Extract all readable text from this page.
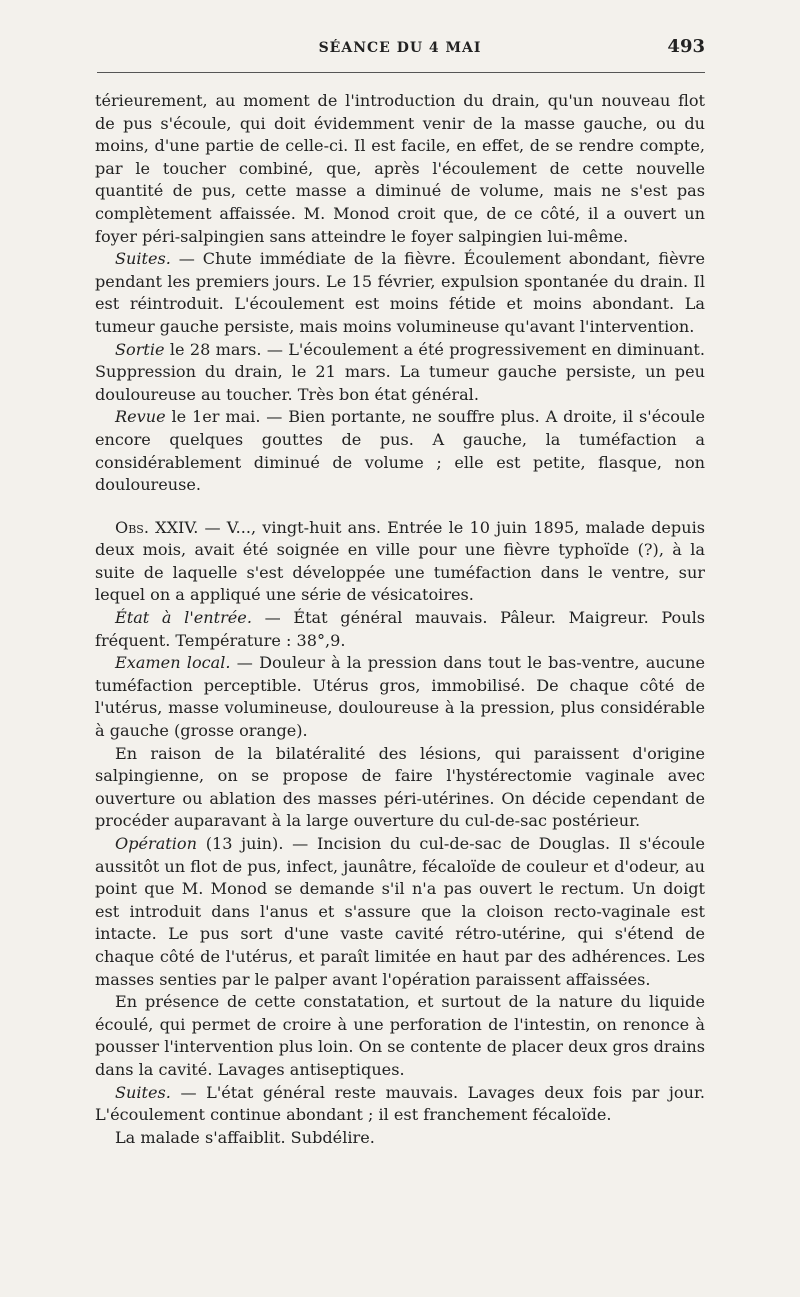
SÉANCE DU 4 MAI	493

térieurement, au moment de l'introduction du drain, qu'un nouveau flot de pus s'écoule, qui doit évidemment venir de la masse gauche, ou du moins, d'une partie de celle-ci. Il est facile, en effet, de se rendre compte, par le toucher combiné, que, après l'écoulement de cette nouvelle quantité de pus, cette masse a diminué de volume, mais ne s'est pas complètement affaissée. M. Monod croit que, de ce côté, il a ouvert un foyer péri-salpingien sans atteindre le foyer salpingien lui-même.

Suites. — Chute immédiate de la fièvre. Écoulement abondant, fièvre pendant les premiers jours. Le 15 février, expulsion spontanée du drain. Il est réintroduit. L'écoulement est moins fétide et moins abondant. La tumeur gauche persiste, mais moins volumineuse qu'avant l'intervention.

Sortie le 28 mars. — L'écoulement a été progressivement en diminuant. Suppression du drain, le 21 mars. La tumeur gauche persiste, un peu douloureuse au toucher. Très bon état général.

Revue le 1er mai. — Bien portante, ne souffre plus. A droite, il s'écoule encore quelques gouttes de pus. A gauche, la tuméfaction a considérablement diminué de volume ; elle est petite, flasque, non douloureuse.

Obs. XXIV. — V..., vingt-huit ans. Entrée le 10 juin 1895, malade depuis deux mois, avait été soignée en ville pour une fièvre typhoïde (?), à la suite de laquelle s'est développée une tuméfaction dans le ventre, sur lequel on a appliqué une série de vésicatoires.

État à l'entrée. — État général mauvais. Pâleur. Maigreur. Pouls fréquent. Température : 38°,9.

Examen local. — Douleur à la pression dans tout le bas-ventre, aucune tuméfaction perceptible. Utérus gros, immobilisé. De chaque côté de l'utérus, masse volumineuse, douloureuse à la pression, plus considérable à gauche (grosse orange).

En raison de la bilatéralité des lésions, qui paraissent d'origine salpingienne, on se propose de faire l'hystérectomie vaginale avec ouverture ou ablation des masses péri-utérines. On décide cependant de procéder auparavant à la large ouverture du cul-de-sac postérieur.

Opération (13 juin). — Incision du cul-de-sac de Douglas. Il s'écoule aussitôt un flot de pus, infect, jaunâtre, fécaloïde de couleur et d'odeur, au point que M. Monod se demande s'il n'a pas ouvert le rectum. Un doigt est introduit dans l'anus et s'assure que la cloison recto-vaginale est intacte. Le pus sort d'une vaste cavité rétro-utérine, qui s'étend de chaque côté de l'utérus, et paraît limitée en haut par des adhérences. Les masses senties par le palper avant l'opération paraissent affaissées.

En présence de cette constatation, et surtout de la nature du liquide écoulé, qui permet de croire à une perforation de l'intestin, on renonce à pousser l'intervention plus loin. On se contente de placer deux gros drains dans la cavité. Lavages antiseptiques.

Suites. — L'état général reste mauvais. Lavages deux fois par jour. L'écoulement continue abondant ; il est franchement fécaloïde.

La malade s'affaiblit. Subdélire.
